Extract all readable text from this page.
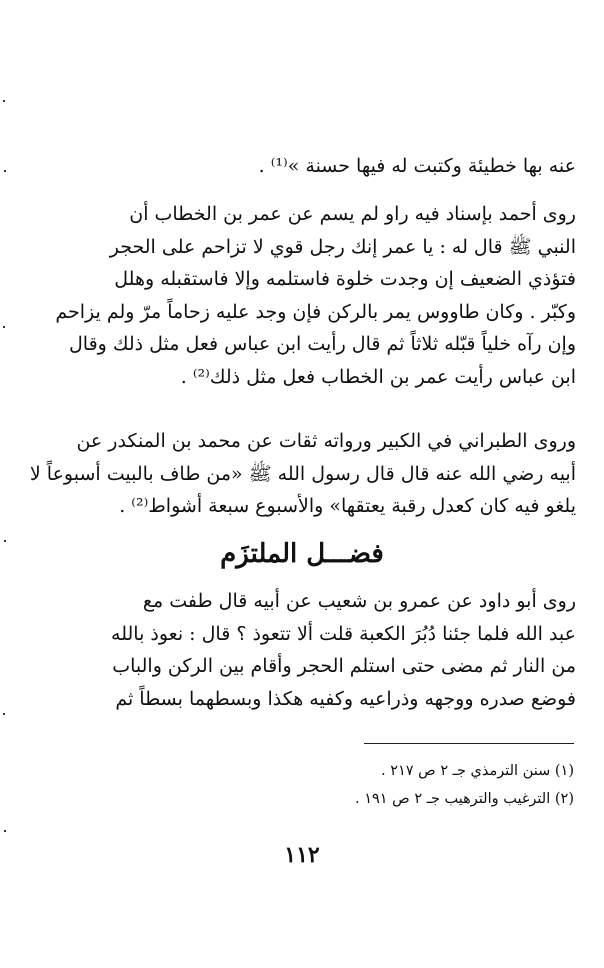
عنه بها خطيئة وكتبت له فيها حسنة »⁽¹⁾ .
روى أحمد بإسناد فيه راو لم يسم عن عمر بن الخطاب أن
النبي ﷺ قال له : يا عمر إنك رجل قوي لا تزاحم على الحجر
فتؤذي الضعيف إن وجدت خلوة فاستلمه وإلا فاستقبله وهلل
وكبّر . وكان طاووس يمر بالركن فإن وجد عليه زحاماً مرّ ولم يزاحم
وإن رآه خلياً قبّله ثلاثاً ثم قال رأيت ابن عباس فعل مثل ذلك وقال
ابن عباس رأيت عمر بن الخطاب فعل مثل ذلك⁽²⁾ .
وروى الطبراني في الكبير ورواته ثقات عن محمد بن المنكدر عن
أبيه رضي الله عنه قال قال رسول الله ﷺ «من طاف بالبيت أسبوعاً لا
يلغو فيه كان كعدل رقبة يعتقها» والأسبوع سبعة أشواط⁽²⁾ .
فضـــل الملتزَم
روى أبو داود عن عمرو بن شعيب عن أبيه قال طفت مع
عبد الله فلما جئنا دُبُرَ الكعبة قلت ألا تتعوذ ؟ قال : نعوذ بالله
من النار ثم مضى حتى استلم الحجر وأقام بين الركن والباب
فوضع صدره ووجهه وذراعيه وكفيه هكذا وبسطهما بسطاً ثم
(١) سنن الترمذي جـ ٢ ص ٢١٧ .
(٢) الترغيب والترهيب جـ ٢ ص ١٩١ .
١١٢
